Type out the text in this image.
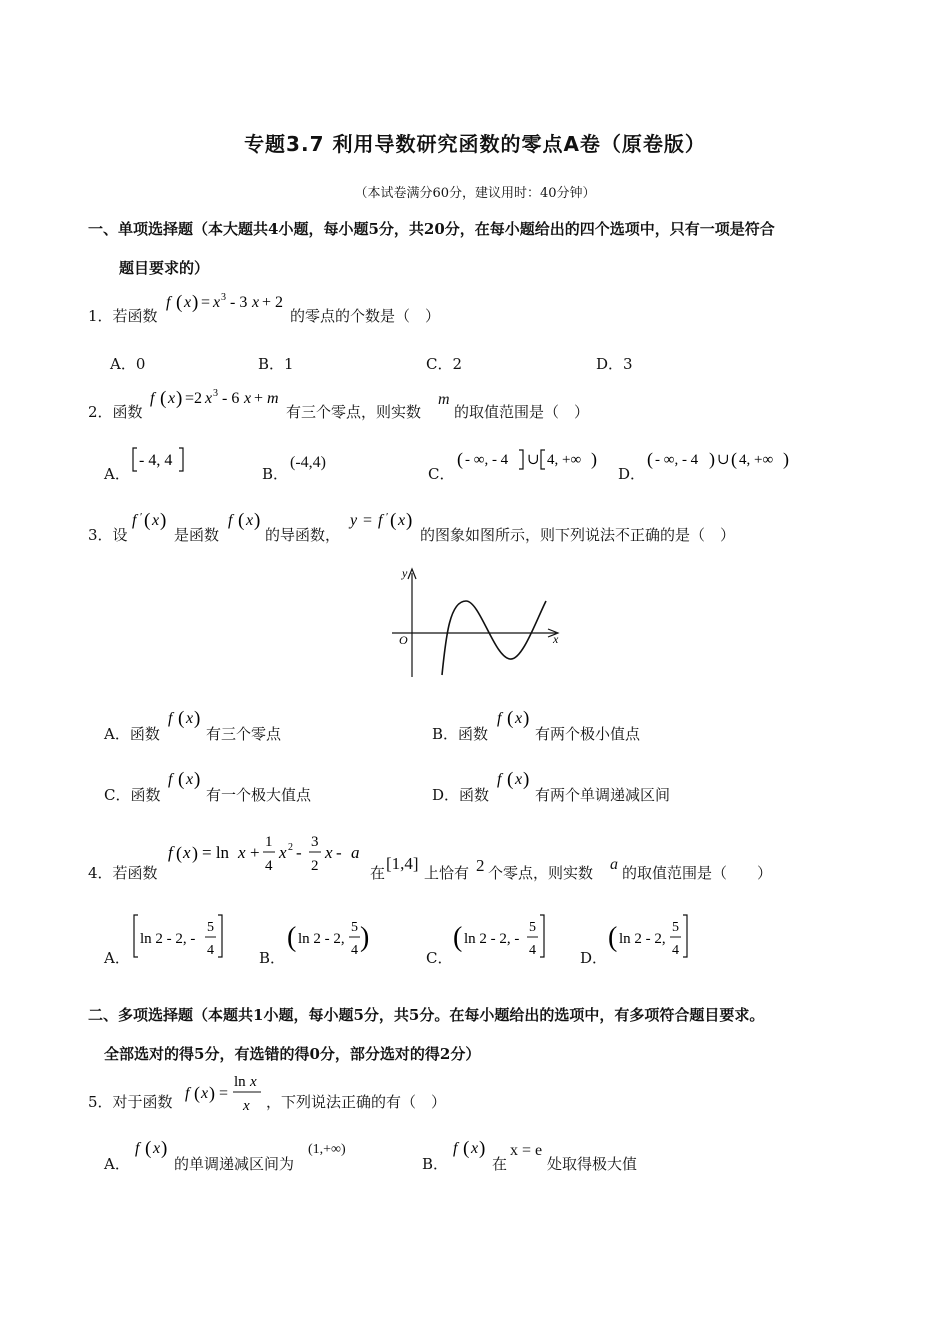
专题3.7 利用导数研究函数的零点A卷（原卷版）
（本试卷满分60分，建议用时：40分钟）
一、单项选择题（本大题共4小题，每小题5分，共20分，在每小题给出的四个选项中，只有一项是符合
题目要求的）
1．若函数
f ( x ) = x 3 - 3 x + 2
的零点的个数是（　）
A．0	B．1	C．2	D．3
2．函数
f ( x ) =2 x 3 - 6 x + m
有三个零点，则实数
m
的取值范围是（　）
A．
- 4, 4
B．
(-4,4)
C．
( - ∞, - 4 ∪ 4, +∞ )
D．
( - ∞, - 4 ) ∪ ( 4, +∞ )
3．设
f ′ ( x )
是函数
f ( x )
的导函数，
y = f ′ ( x )
的图象如图所示，则下列说法不正确的是（　）
y
x
O
A．函数
f ( x )
有三个零点	B．函数
f ( x )
有两个极小值点
C．函数
f ( x )
有一个极大值点	D．函数
f ( x )
有两个单调递减区间
4．若函数
f ( x ) = ln x +
1
4
x 2 -
3
2
x - a
在 [1,4] 上恰有 2 个零点，则实数 a 的取值范围是（　　）
A．
ln 2 - 2, -
5
4	B．
( ln 2 - 2,
5
4 )
C．
( ln 2 - 2, -
5
4	D．
( ln 2 - 2,
5
4
二、多项选择题（本题共1小题，每小题5分，共5分。在每小题给出的选项中，有多项符合题目要求。
全部选对的得5分，有选错的得0分，部分选对的得2分）
5．对于函数 f ( x ) =
ln x
x ，下列说法正确的有（　）
A．
f ( x )
的单调递减区间为
(1,+∞)
B．
f ( x )
在
x = e
处取得极大值
